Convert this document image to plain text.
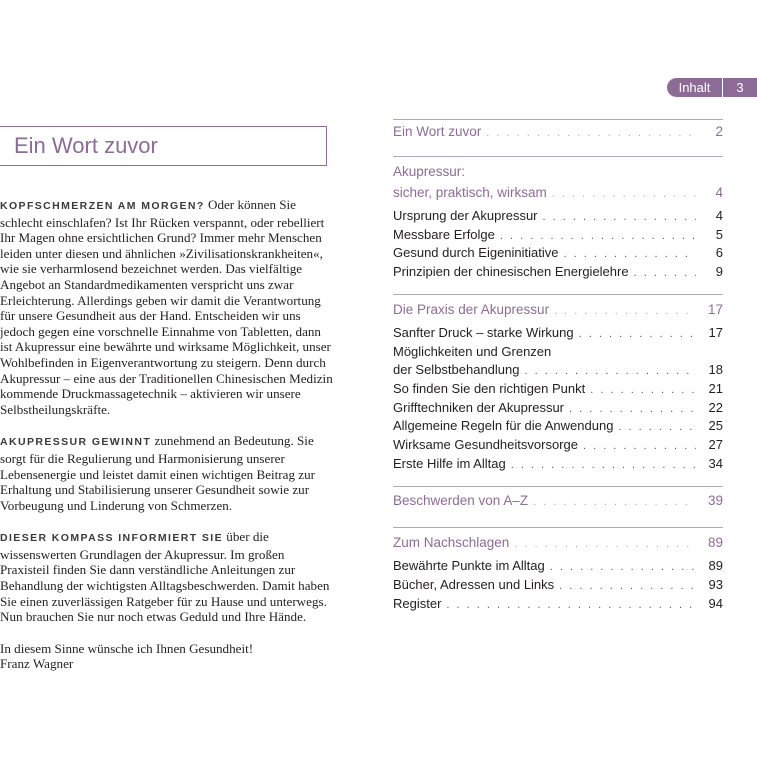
Inhalt	3
Ein Wort zuvor

KOPFSCHMERZEN AM MORGEN? Oder können Sie schlecht einschlafen? Ist Ihr Rücken verspannt, oder rebelliert Ihr Magen ohne ersichtlichen Grund? Immer mehr Menschen leiden unter diesen und ähnlichen »Zivilisationskrankheiten«, wie sie verharmlosend bezeichnet werden. Das vielfältige Angebot an Standardmedikamenten verspricht uns zwar Erleichterung. Allerdings geben wir damit die Verantwortung für unsere Gesundheit aus der Hand. Entscheiden wir uns jedoch gegen eine vorschnelle Einnahme von Tabletten, dann ist Akupressur eine bewährte und wirksame Möglichkeit, unser Wohlbefinden in Eigenverantwortung zu steigern. Denn durch Akupressur – eine aus der Traditionellen Chinesischen Medizin kommende Druckmassagetechnik – aktivieren wir unsere Selbstheilungskräfte.

AKUPRESSUR GEWINNT zunehmend an Bedeutung. Sie sorgt für die Regulierung und Harmonisierung unserer Lebensenergie und leistet damit einen wichtigen Beitrag zur Erhaltung und Stabilisierung unserer Gesundheit sowie zur Vorbeugung und Linderung von Schmerzen.

DIESER KOMPASS INFORMIERT SIE über die wissenswerten Grundlagen der Akupressur. Im großen Praxisteil finden Sie dann verständliche Anleitungen zur Behandlung der wichtigsten Alltagsbeschwerden. Damit haben Sie einen zuverlässigen Ratgeber für zu Hause und unterwegs. Nun brauchen Sie nur noch etwas Geduld und Ihre Hände.

In diesem Sinne wünsche ich Ihnen Gesundheit!

Franz Wagner

Ein Wort zuvor . . .	2
Akupressur:
sicher, praktisch, wirksam . . .	4
Ursprung der Akupressur . . .	4
Messbare Erfolge . . .	5
Gesund durch Eigeninitiative . . .	6
Prinzipien der chinesischen Energielehre . . .	9
Die Praxis der Akupressur . . .	17
Sanfter Druck – starke Wirkung . . .	17
Möglichkeiten und Grenzen
der Selbstbehandlung . . .	18
So finden Sie den richtigen Punkt . . .	21
Grifftechniken der Akupressur . . .	22
Allgemeine Regeln für die Anwendung . . .	25
Wirksame Gesundheitsvorsorge . . .	27
Erste Hilfe im Alltag . . .	34
Beschwerden von A–Z . . .	39
Zum Nachschlagen . . .	89
Bewährte Punkte im Alltag . . .	89
Bücher, Adressen und Links . . .	93
Register . . .	94
